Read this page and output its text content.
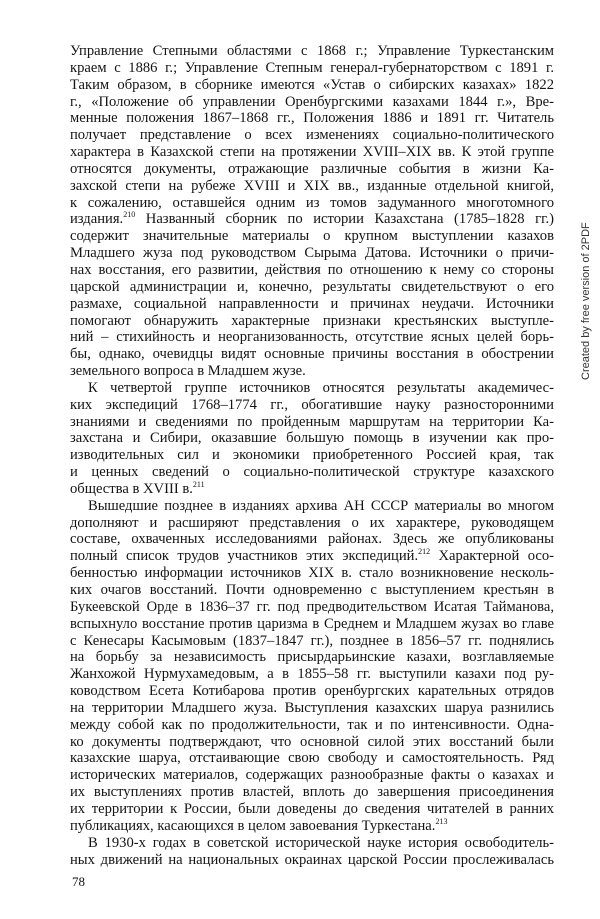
Управление Степными областями с 1868 г.; Управление Туркестанским
краем с 1886 г.; Управление Степным генерал-губернаторством с 1891 г.
Таким образом, в сборнике имеются «Устав о сибирских казахах» 1822
г., «Положение об управлении Оренбургскими казахами 1844 г.», Вре-
менные положения 1867–1868 гг., Положения 1886 и 1891 гг. Читатель
получает представление о всех изменениях социально-политического
характера в Казахской степи на протяжении XVIII–XIX вв. К этой группе
относятся документы, отражающие различные события в жизни Ка-
захской степи на рубеже XVIII и XIX вв., изданные отдельной книгой,
к сожалению, оставшейся одним из томов задуманного многотомного
издания.$^{210}$ Названный сборник по истории Казахстана (1785–1828 гг.)
содержит значительные материалы о крупном выступлении казахов
Младшего жуза под руководством Сырыма Датова. Источники о причи-
нах восстания, его развитии, действия по отношению к нему со стороны
царской администрации и, конечно, результаты свидетельствуют о его
размахе, социальной направленности и причинах неудачи. Источники
помогают обнаружить характерные признаки крестьянских выступле-
ний – стихийность и неорганизованность, отсутствие ясных целей борь-
бы, однако, очевидцы видят основные причины восстания в обострении
земельного вопроса в Младшем жузе.
К четвертой группе источников относятся результаты академичес-
ких экспедиций 1768–1774 гг., обогатившие науку разносторонними
знаниями и сведениями по пройденным маршрутам на территории Ка-
захстана и Сибири, оказавшие большую помощь в изучении как про-
изводительных сил и экономики приобретенного Россией края, так
и ценных сведений о социально-политической структуре казахского
общества в XVIII в.$^{211}$
Вышедшие позднее в изданиях архива АН СССР материалы во многом
дополняют и расширяют представления о их характере, руководящем
составе, охваченных исследованиями районах. Здесь же опубликованы
полный список трудов участников этих экспедиций.$^{212}$ Характерной осо-
бенностью информации источников XIX в. стало возникновение несколь-
ких очагов восстаний. Почти одновременно с выступлением крестьян в
Букеевской Орде в 1836–37 гг. под предводительством Исатая Тайманова,
вспыхнуло восстание против царизма в Среднем и Младшем жузах во главе
с Кенесары Касымовым (1837–1847 гг.), позднее в 1856–57 гг. поднялись
на борьбу за независимость присырдарьинские казахи, возглавляемые
Жанхожой Нурмухамедовым, а в 1855–58 гг. выступили казахи под ру-
ководством Есета Котибарова против оренбургских карательных отрядов
на территории Младшего жуза. Выступления казахских шаруа разнились
между собой как по продолжительности, так и по интенсивности. Одна-
ко документы подтверждают, что основной силой этих восстаний были
казахские шаруа, отстаивающие свою свободу и самостоятельность. Ряд
исторических материалов, содержащих разнообразные факты о казахах и
их выступлениях против властей, вплоть до завершения присоединения
их территории к России, были доведены до сведения читателей в ранних
публикациях, касающихся в целом завоевания Туркестана.$^{213}$
В 1930-х годах в советской исторической науке история освободитель-
ных движений на национальных окраинах царской России прослеживалась
78
Created by free version of 2PDF
